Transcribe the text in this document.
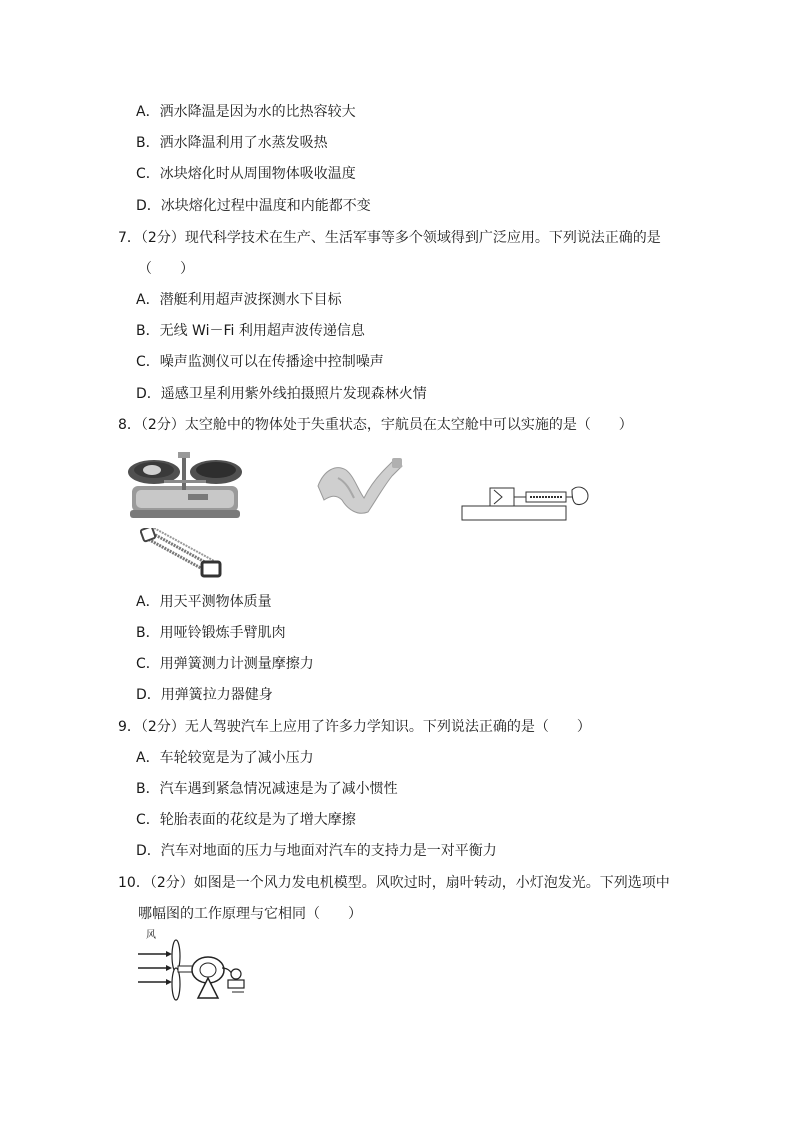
A．洒水降温是因为水的比热容较大
B．洒水降温利用了水蒸发吸热
C．冰块熔化时从周围物体吸收温度
D．冰块熔化过程中温度和内能都不变
7．（2分）现代科学技术在生产、生活军事等多个领域得到广泛应用。下列说法正确的是
（　　）
A．潜艇利用超声波探测水下目标
B．无线 Wi－Fi 利用超声波传递信息
C．噪声监测仪可以在传播途中控制噪声
D．遥感卫星利用紫外线拍摄照片发现森林火情
8．（2分）太空舱中的物体处于失重状态，宇航员在太空舱中可以实施的是（　　）
A．用天平测物体质量
B．用哑铃锻炼手臂肌肉
C．用弹簧测力计测量摩擦力
D．用弹簧拉力器健身
9．（2分）无人驾驶汽车上应用了许多力学知识。下列说法正确的是（　　）
A．车轮较宽是为了减小压力
B．汽车遇到紧急情况减速是为了减小惯性
C．轮胎表面的花纹是为了增大摩擦
D．汽车对地面的压力与地面对汽车的支持力是一对平衡力
10．（2分）如图是一个风力发电机模型。风吹过时，扇叶转动，小灯泡发光。下列选项中
哪幅图的工作原理与它相同（　　）
风
